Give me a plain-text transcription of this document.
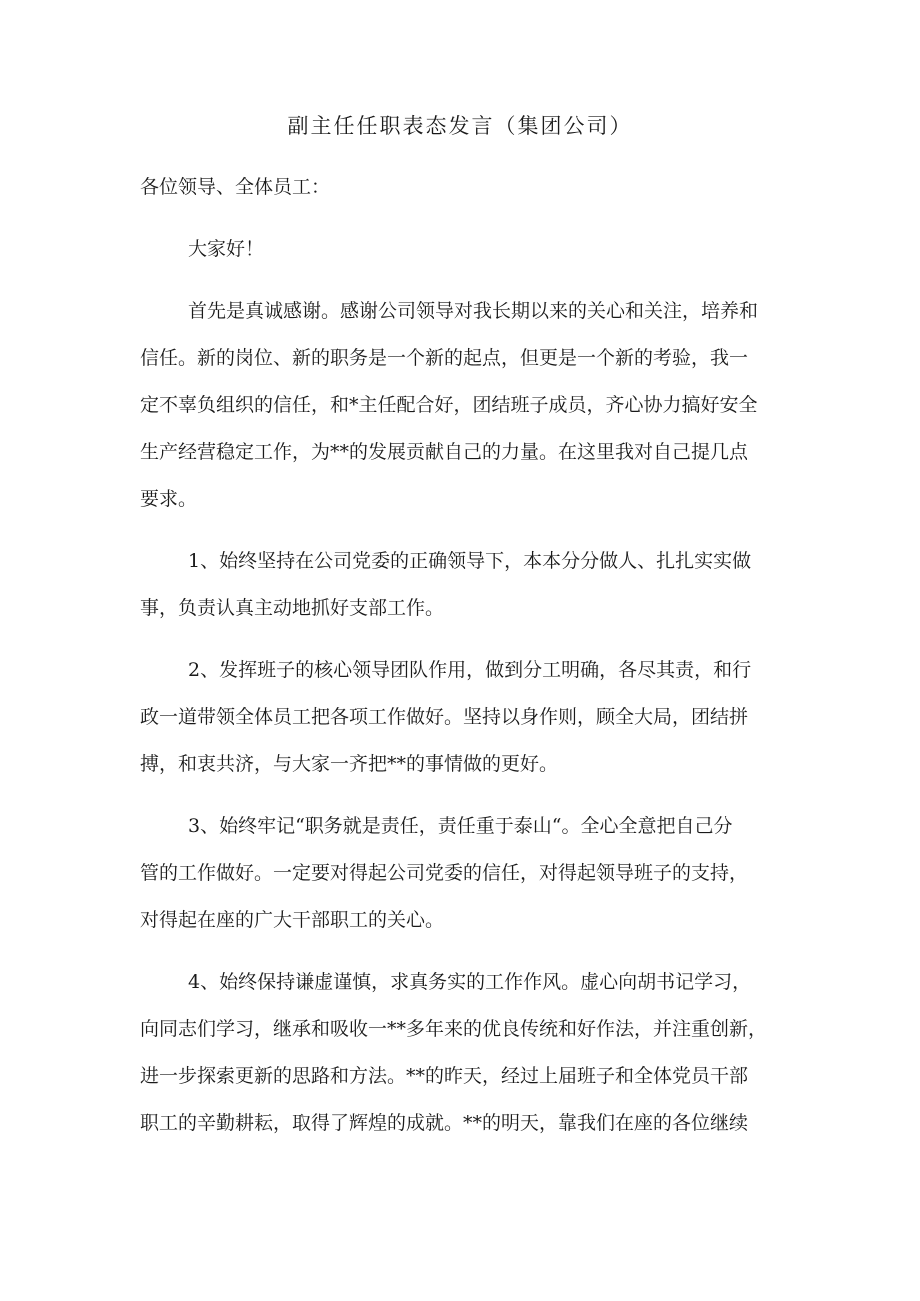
副主任任职表态发言（集团公司）
各位领导、全体员工：
大家好！
首先是真诚感谢。感谢公司领导对我长期以来的关心和关注，培养和
信任。新的岗位、新的职务是一个新的起点，但更是一个新的考验，我一
定不辜负组织的信任，和*主任配合好，团结班子成员，齐心协力搞好安全
生产经营稳定工作，为**的发展贡献自己的力量。在这里我对自己提几点
要求。
1、始终坚持在公司党委的正确领导下，本本分分做人、扎扎实实做
事，负责认真主动地抓好支部工作。
2、发挥班子的核心领导团队作用，做到分工明确，各尽其责，和行
政一道带领全体员工把各项工作做好。坚持以身作则，顾全大局，团结拼
搏，和衷共济，与大家一齐把**的事情做的更好。
3、始终牢记“职务就是责任，责任重于泰山“。全心全意把自己分
管的工作做好。一定要对得起公司党委的信任，对得起领导班子的支持，
对得起在座的广大干部职工的关心。
4、始终保持谦虚谨慎，求真务实的工作作风。虚心向胡书记学习，
向同志们学习，继承和吸收一**多年来的优良传统和好作法，并注重创新，
进一步探索更新的思路和方法。**的昨天，经过上届班子和全体党员干部
职工的辛勤耕耘，取得了辉煌的成就。**的明天，靠我们在座的各位继续
